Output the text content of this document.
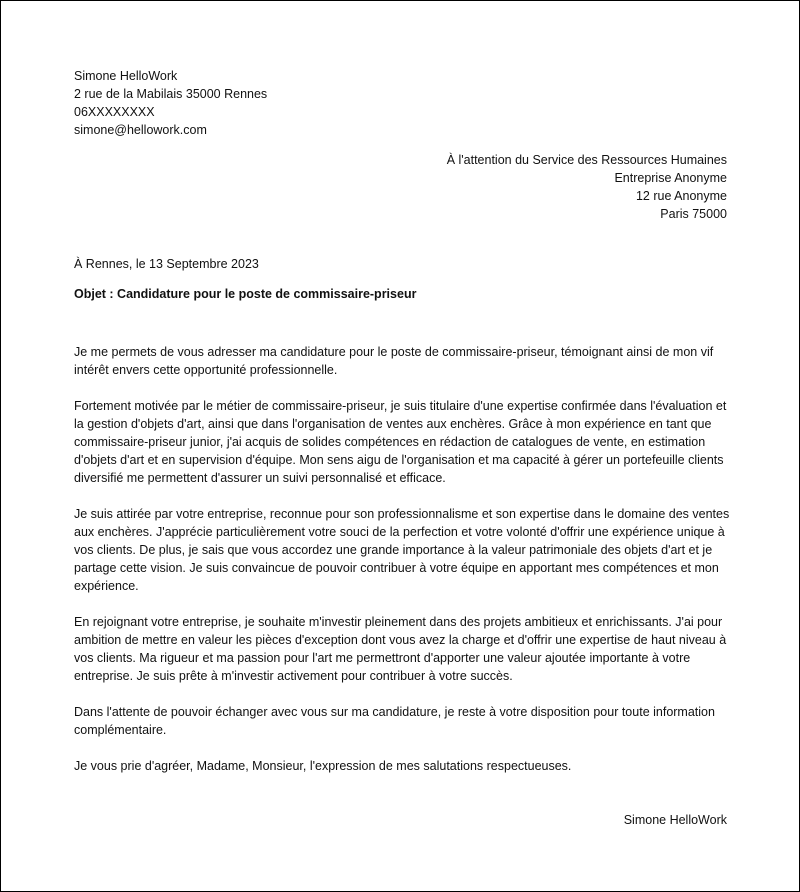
Simone HelloWork
2 rue de la Mabilais 35000 Rennes
06XXXXXXXX
simone@hellowork.com
À l'attention du Service des Ressources Humaines
Entreprise Anonyme
12 rue Anonyme
Paris 75000
À Rennes, le 13 Septembre 2023
Objet : Candidature pour le poste de commissaire-priseur

Je me permets de vous adresser ma candidature pour le poste de commissaire-priseur, témoignant ainsi de mon vif intérêt envers cette opportunité professionnelle.

Fortement motivée par le métier de commissaire-priseur, je suis titulaire d'une expertise confirmée dans l'évaluation et la gestion d'objets d'art, ainsi que dans l'organisation de ventes aux enchères. Grâce à mon expérience en tant que commissaire-priseur junior, j'ai acquis de solides compétences en rédaction de catalogues de vente, en estimation d'objets d'art et en supervision d'équipe. Mon sens aigu de l'organisation et ma capacité à gérer un portefeuille clients diversifié me permettent d'assurer un suivi personnalisé et efficace.

Je suis attirée par votre entreprise, reconnue pour son professionnalisme et son expertise dans le domaine des ventes aux enchères. J'apprécie particulièrement votre souci de la perfection et votre volonté d'offrir une expérience unique à vos clients. De plus, je sais que vous accordez une grande importance à la valeur patrimoniale des objets d'art et je partage cette vision. Je suis convaincue de pouvoir contribuer à votre équipe en apportant mes compétences et mon expérience.

En rejoignant votre entreprise, je souhaite m'investir pleinement dans des projets ambitieux et enrichissants. J'ai pour ambition de mettre en valeur les pièces d'exception dont vous avez la charge et d'offrir une expertise de haut niveau à vos clients. Ma rigueur et ma passion pour l'art me permettront d'apporter une valeur ajoutée importante à votre entreprise. Je suis prête à m'investir activement pour contribuer à votre succès.

Dans l'attente de pouvoir échanger avec vous sur ma candidature, je reste à votre disposition pour toute information complémentaire.

Je vous prie d'agréer, Madame, Monsieur, l'expression de mes salutations respectueuses.

Simone HelloWork
